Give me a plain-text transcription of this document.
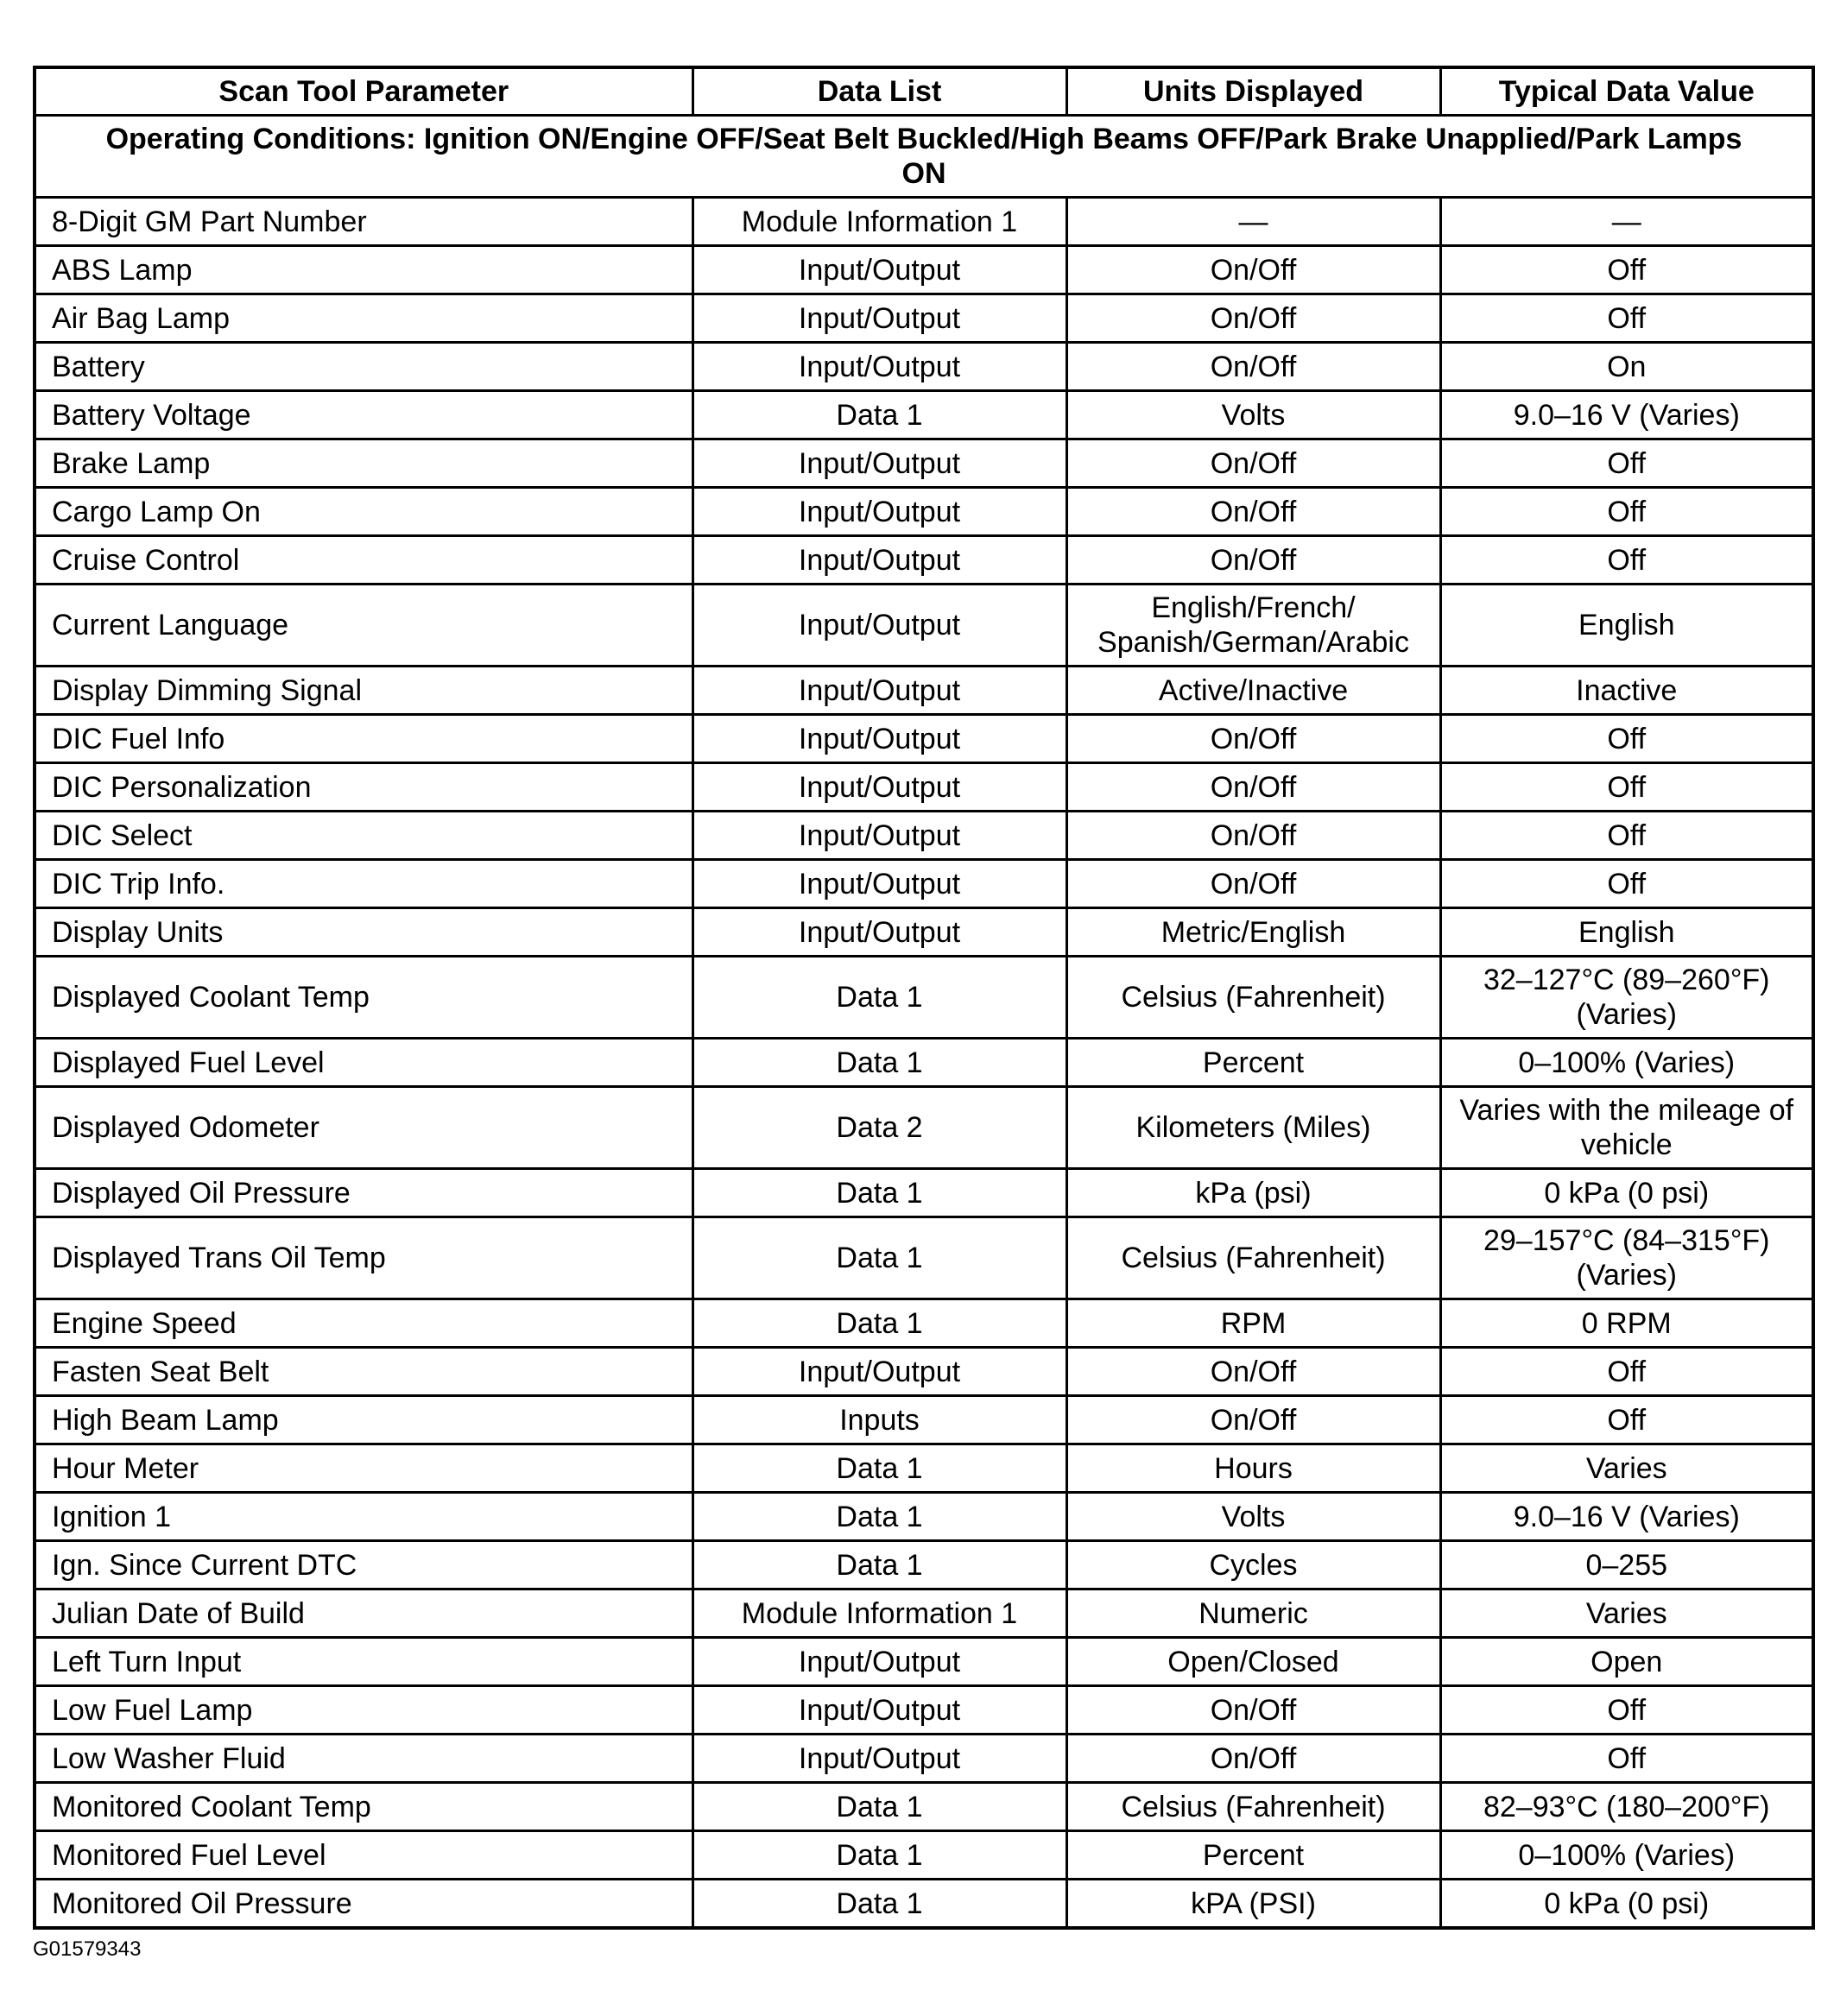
Scan Tool Parameter	Data List	Units Displayed	Typical Data Value
Operating Conditions: Ignition ON/Engine OFF/Seat Belt Buckled/High Beams OFF/Park Brake Unapplied/Park Lamps ON			
8-Digit GM Part Number	Module Information 1	—	—
ABS Lamp	Input/Output	On/Off	Off
Air Bag Lamp	Input/Output	On/Off	Off
Battery	Input/Output	On/Off	On
Battery Voltage	Data 1	Volts	9.0–16 V (Varies)
Brake Lamp	Input/Output	On/Off	Off
Cargo Lamp On	Input/Output	On/Off	Off
Cruise Control	Input/Output	On/Off	Off
Current Language	Input/Output	English/French/ Spanish/German/Arabic	English
Display Dimming Signal	Input/Output	Active/Inactive	Inactive
DIC Fuel Info	Input/Output	On/Off	Off
DIC Personalization	Input/Output	On/Off	Off
DIC Select	Input/Output	On/Off	Off
DIC Trip Info.	Input/Output	On/Off	Off
Display Units	Input/Output	Metric/English	English
Displayed Coolant Temp	Data 1	Celsius (Fahrenheit)	32–127°C (89–260°F) (Varies)
Displayed Fuel Level	Data 1	Percent	0–100% (Varies)
Displayed Odometer	Data 2	Kilometers (Miles)	Varies with the mileage of vehicle
Displayed Oil Pressure	Data 1	kPa (psi)	0 kPa (0 psi)
Displayed Trans Oil Temp	Data 1	Celsius (Fahrenheit)	29–157°C (84–315°F) (Varies)
Engine Speed	Data 1	RPM	0 RPM
Fasten Seat Belt	Input/Output	On/Off	Off
High Beam Lamp	Inputs	On/Off	Off
Hour Meter	Data 1	Hours	Varies
Ignition 1	Data 1	Volts	9.0–16 V (Varies)
Ign. Since Current DTC	Data 1	Cycles	0–255
Julian Date of Build	Module Information 1	Numeric	Varies
Left Turn Input	Input/Output	Open/Closed	Open
Low Fuel Lamp	Input/Output	On/Off	Off
Low Washer Fluid	Input/Output	On/Off	Off
Monitored Coolant Temp	Data 1	Celsius (Fahrenheit)	82–93°C (180–200°F)
Monitored Fuel Level	Data 1	Percent	0–100% (Varies)
Monitored Oil Pressure	Data 1	kPA (PSI)	0 kPa (0 psi)
G01579343
